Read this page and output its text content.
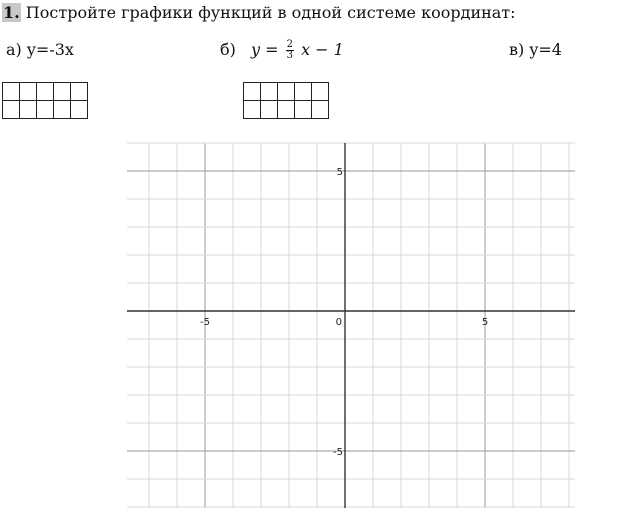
1. Постройте графики функций в одной системе координат:
а) y=-3x	б) $y = \frac{2}{3}$ x − 1	в) y=4

-5	0	5
5
-5
